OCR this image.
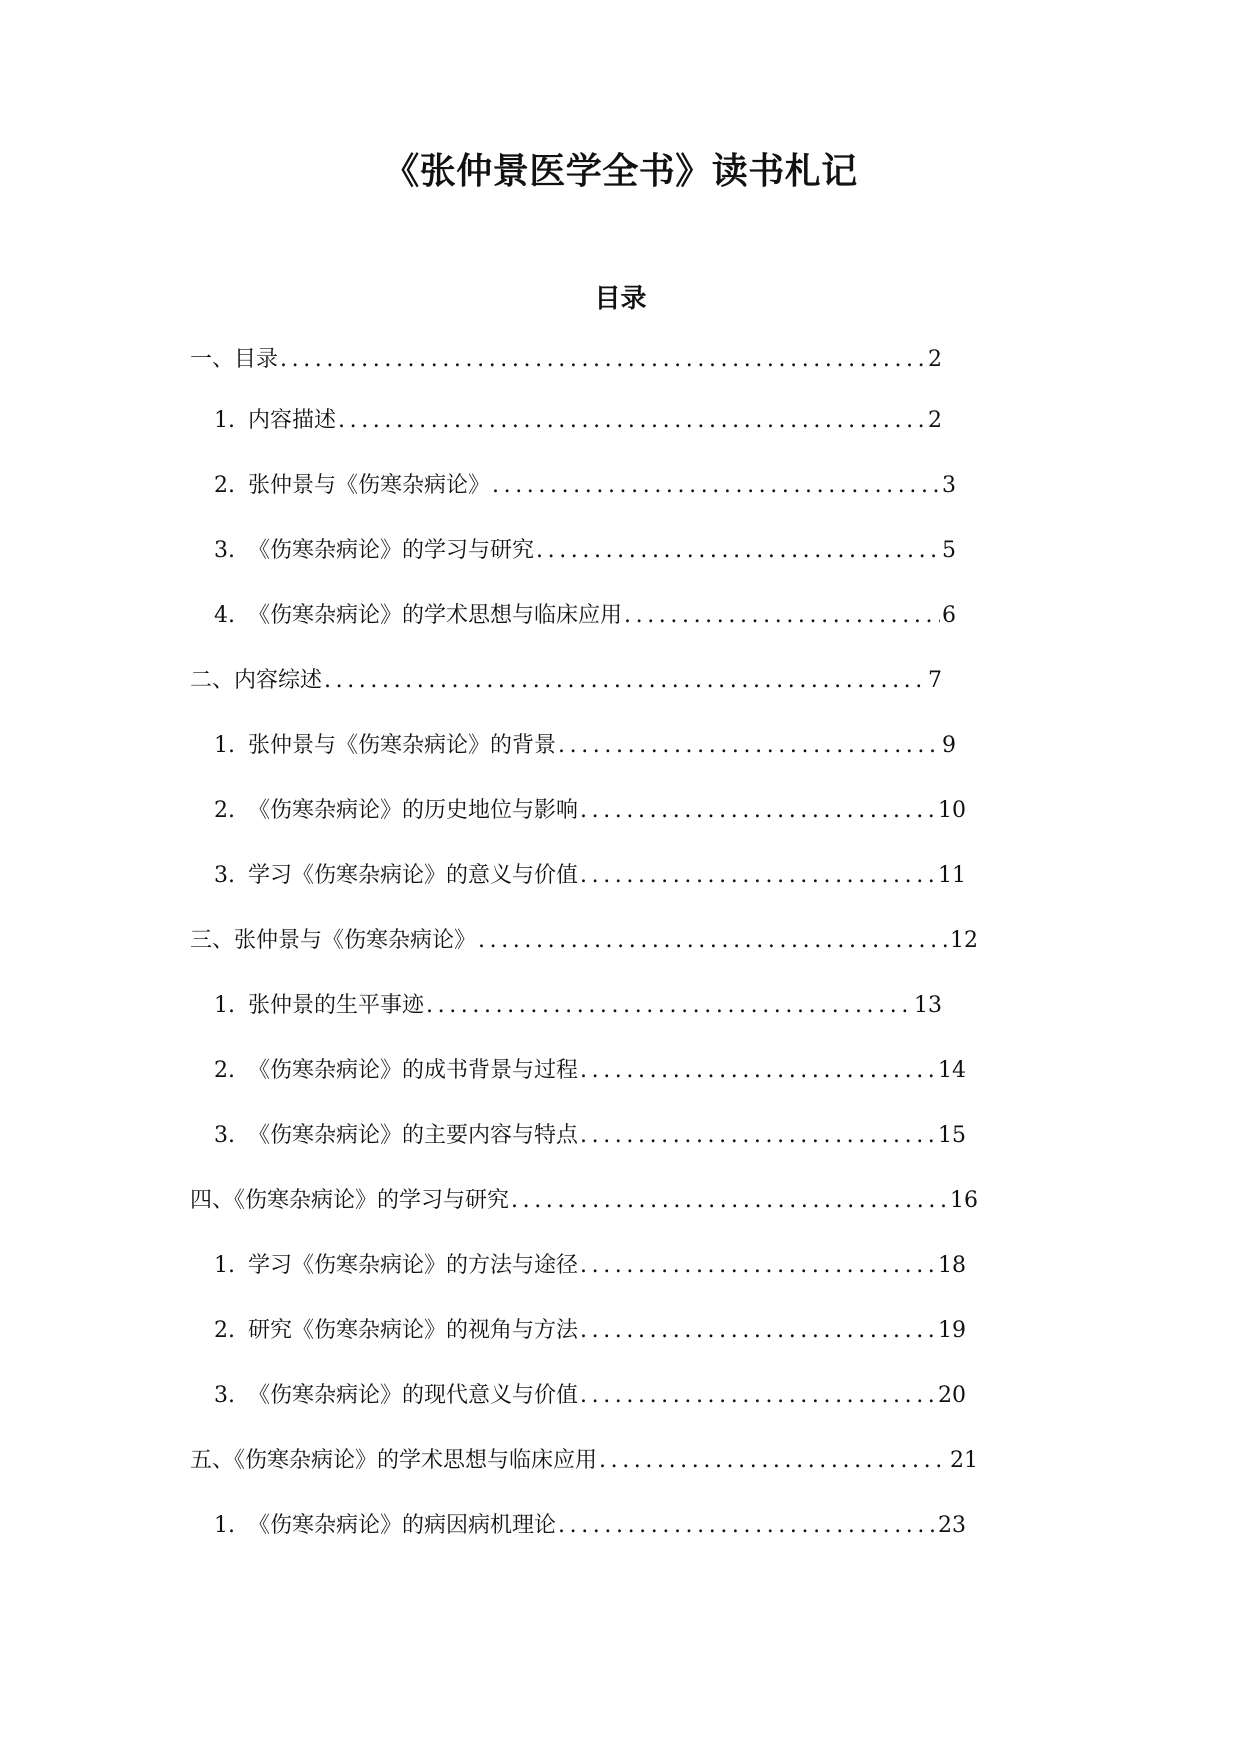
《张仲景医学全书》读书札记
目录
一、目录 .....	2
1. 内容描述 .....	2
2. 张仲景与《伤寒杂病论》 .....	3
3. 《伤寒杂病论》的学习与研究 .....	5
4. 《伤寒杂病论》的学术思想与临床应用 .....	6
二、内容综述 .....	7
1. 张仲景与《伤寒杂病论》的背景 .....	9
2. 《伤寒杂病论》的历史地位与影响 .....	10
3. 学习《伤寒杂病论》的意义与价值 .....	11
三、张仲景与《伤寒杂病论》 .....	12
1. 张仲景的生平事迹 .....	13
2. 《伤寒杂病论》的成书背景与过程 .....	14
3. 《伤寒杂病论》的主要内容与特点 .....	15
四、《伤寒杂病论》的学习与研究 .....	16
1. 学习《伤寒杂病论》的方法与途径 .....	18
2. 研究《伤寒杂病论》的视角与方法 .....	19
3. 《伤寒杂病论》的现代意义与价值 .....	20
五、《伤寒杂病论》的学术思想与临床应用 .....	21
1. 《伤寒杂病论》的病因病机理论 .....	23
